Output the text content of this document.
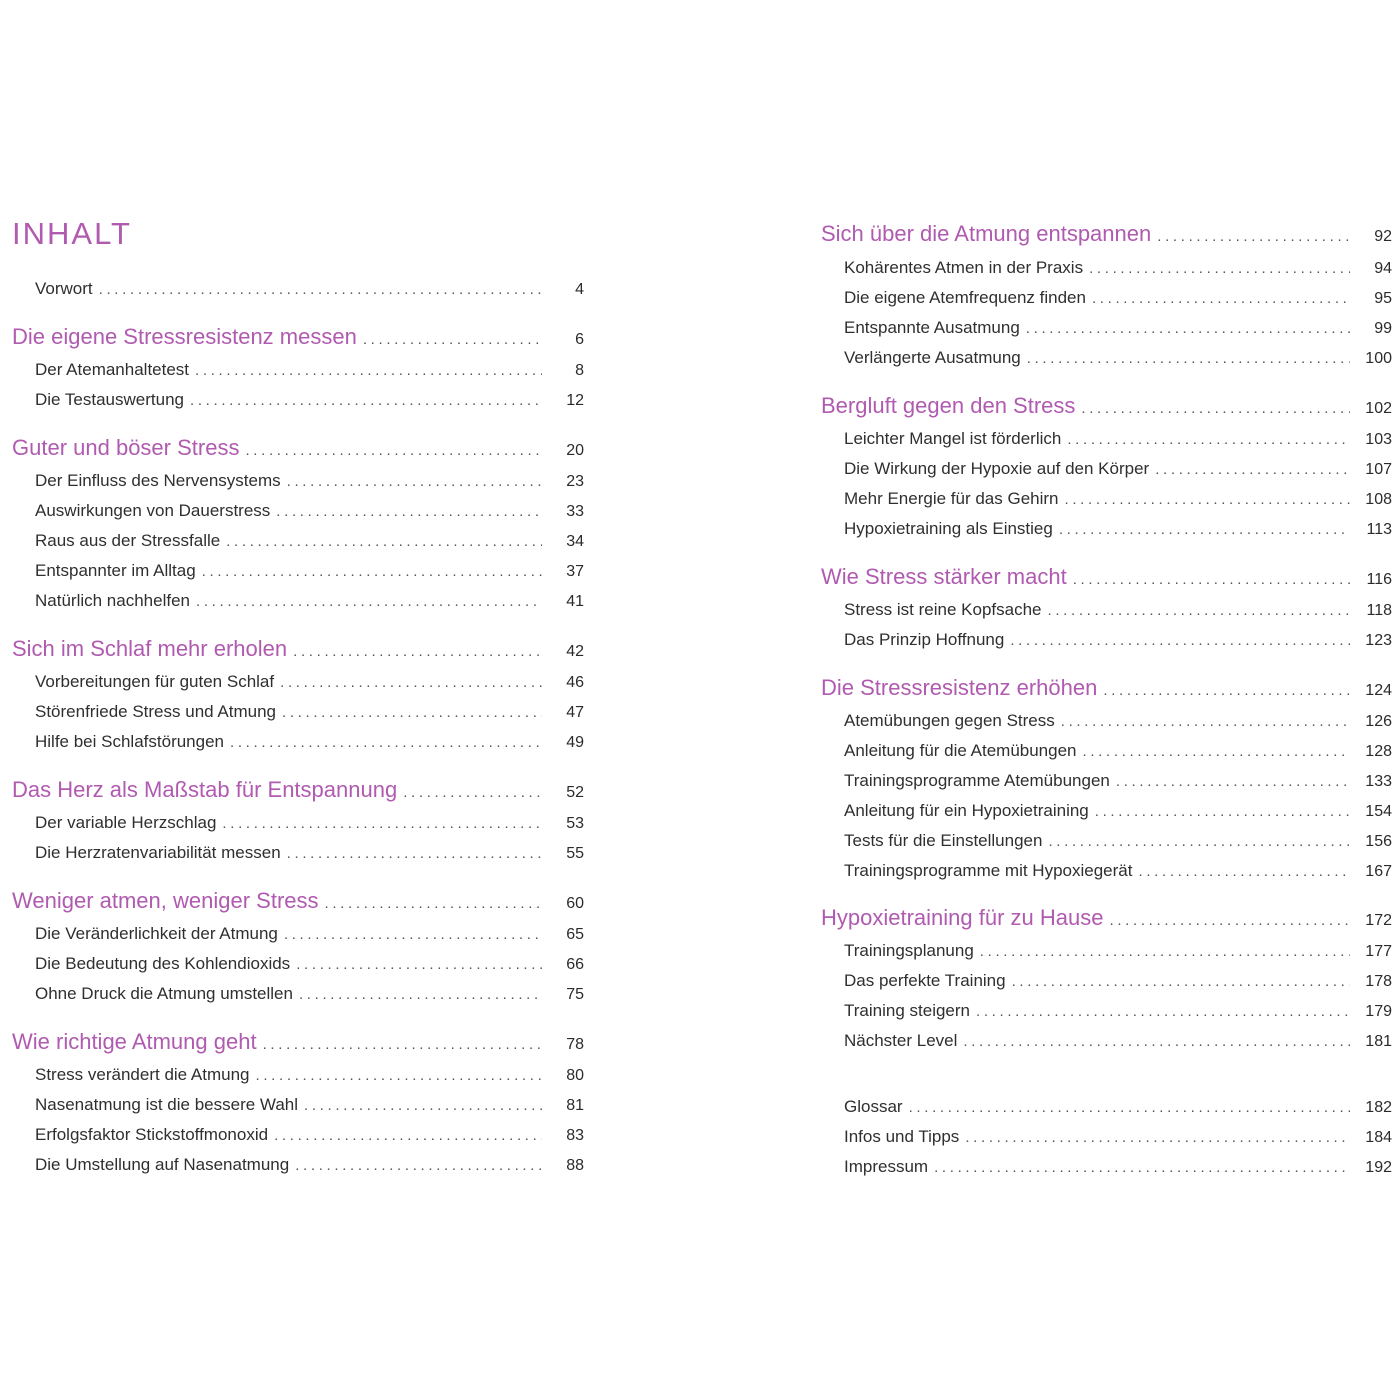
INHALT
Vorwort . . .	4
Die eigene Stressresistenz messen . . .	6
Der Atemanhaltetest . . .	8
Die Testauswertung . . .	12
Guter und böser Stress . . .	20
Der Einfluss des Nervensystems . . .	23
Auswirkungen von Dauerstress . . .	33
Raus aus der Stressfalle . . .	34
Entspannter im Alltag . . .	37
Natürlich nachhelfen . . .	41
Sich im Schlaf mehr erholen . . .	42
Vorbereitungen für guten Schlaf . . .	46
Störenfriede Stress und Atmung . . .	47
Hilfe bei Schlafstörungen . . .	49
Das Herz als Maßstab für Entspannung . . .	52
Der variable Herzschlag . . .	53
Die Herzratenvariabilität messen . . .	55
Weniger atmen, weniger Stress . . .	60
Die Veränderlichkeit der Atmung . . .	65
Die Bedeutung des Kohlendioxids . . .	66
Ohne Druck die Atmung umstellen . . .	75
Wie richtige Atmung geht . . .	78
Stress verändert die Atmung . . .	80
Nasenatmung ist die bessere Wahl . . .	81
Erfolgsfaktor Stickstoffmonoxid . . .	83
Die Umstellung auf Nasenatmung . . .	88
Sich über die Atmung entspannen . . .	92
Kohärentes Atmen in der Praxis . . .	94
Die eigene Atemfrequenz finden . . .	95
Entspannte Ausatmung . . .	99
Verlängerte Ausatmung . . .	100
Bergluft gegen den Stress . . .	102
Leichter Mangel ist förderlich . . .	103
Die Wirkung der Hypoxie auf den Körper . . .	107
Mehr Energie für das Gehirn . . .	108
Hypoxietraining als Einstieg . . .	113
Wie Stress stärker macht . . .	116
Stress ist reine Kopfsache . . .	118
Das Prinzip Hoffnung . . .	123
Die Stressresistenz erhöhen . . .	124
Atemübungen gegen Stress . . .	126
Anleitung für die Atemübungen . . .	128
Trainingsprogramme Atemübungen . . .	133
Anleitung für ein Hypoxietraining . . .	154
Tests für die Einstellungen . . .	156
Trainingsprogramme mit Hypoxiegerät . . .	167
Hypoxietraining für zu Hause . . .	172
Trainingsplanung . . .	177
Das perfekte Training . . .	178
Training steigern . . .	179
Nächster Level . . .	181
Glossar . . .	182
Infos und Tipps . . .	184
Impressum . . .	192
